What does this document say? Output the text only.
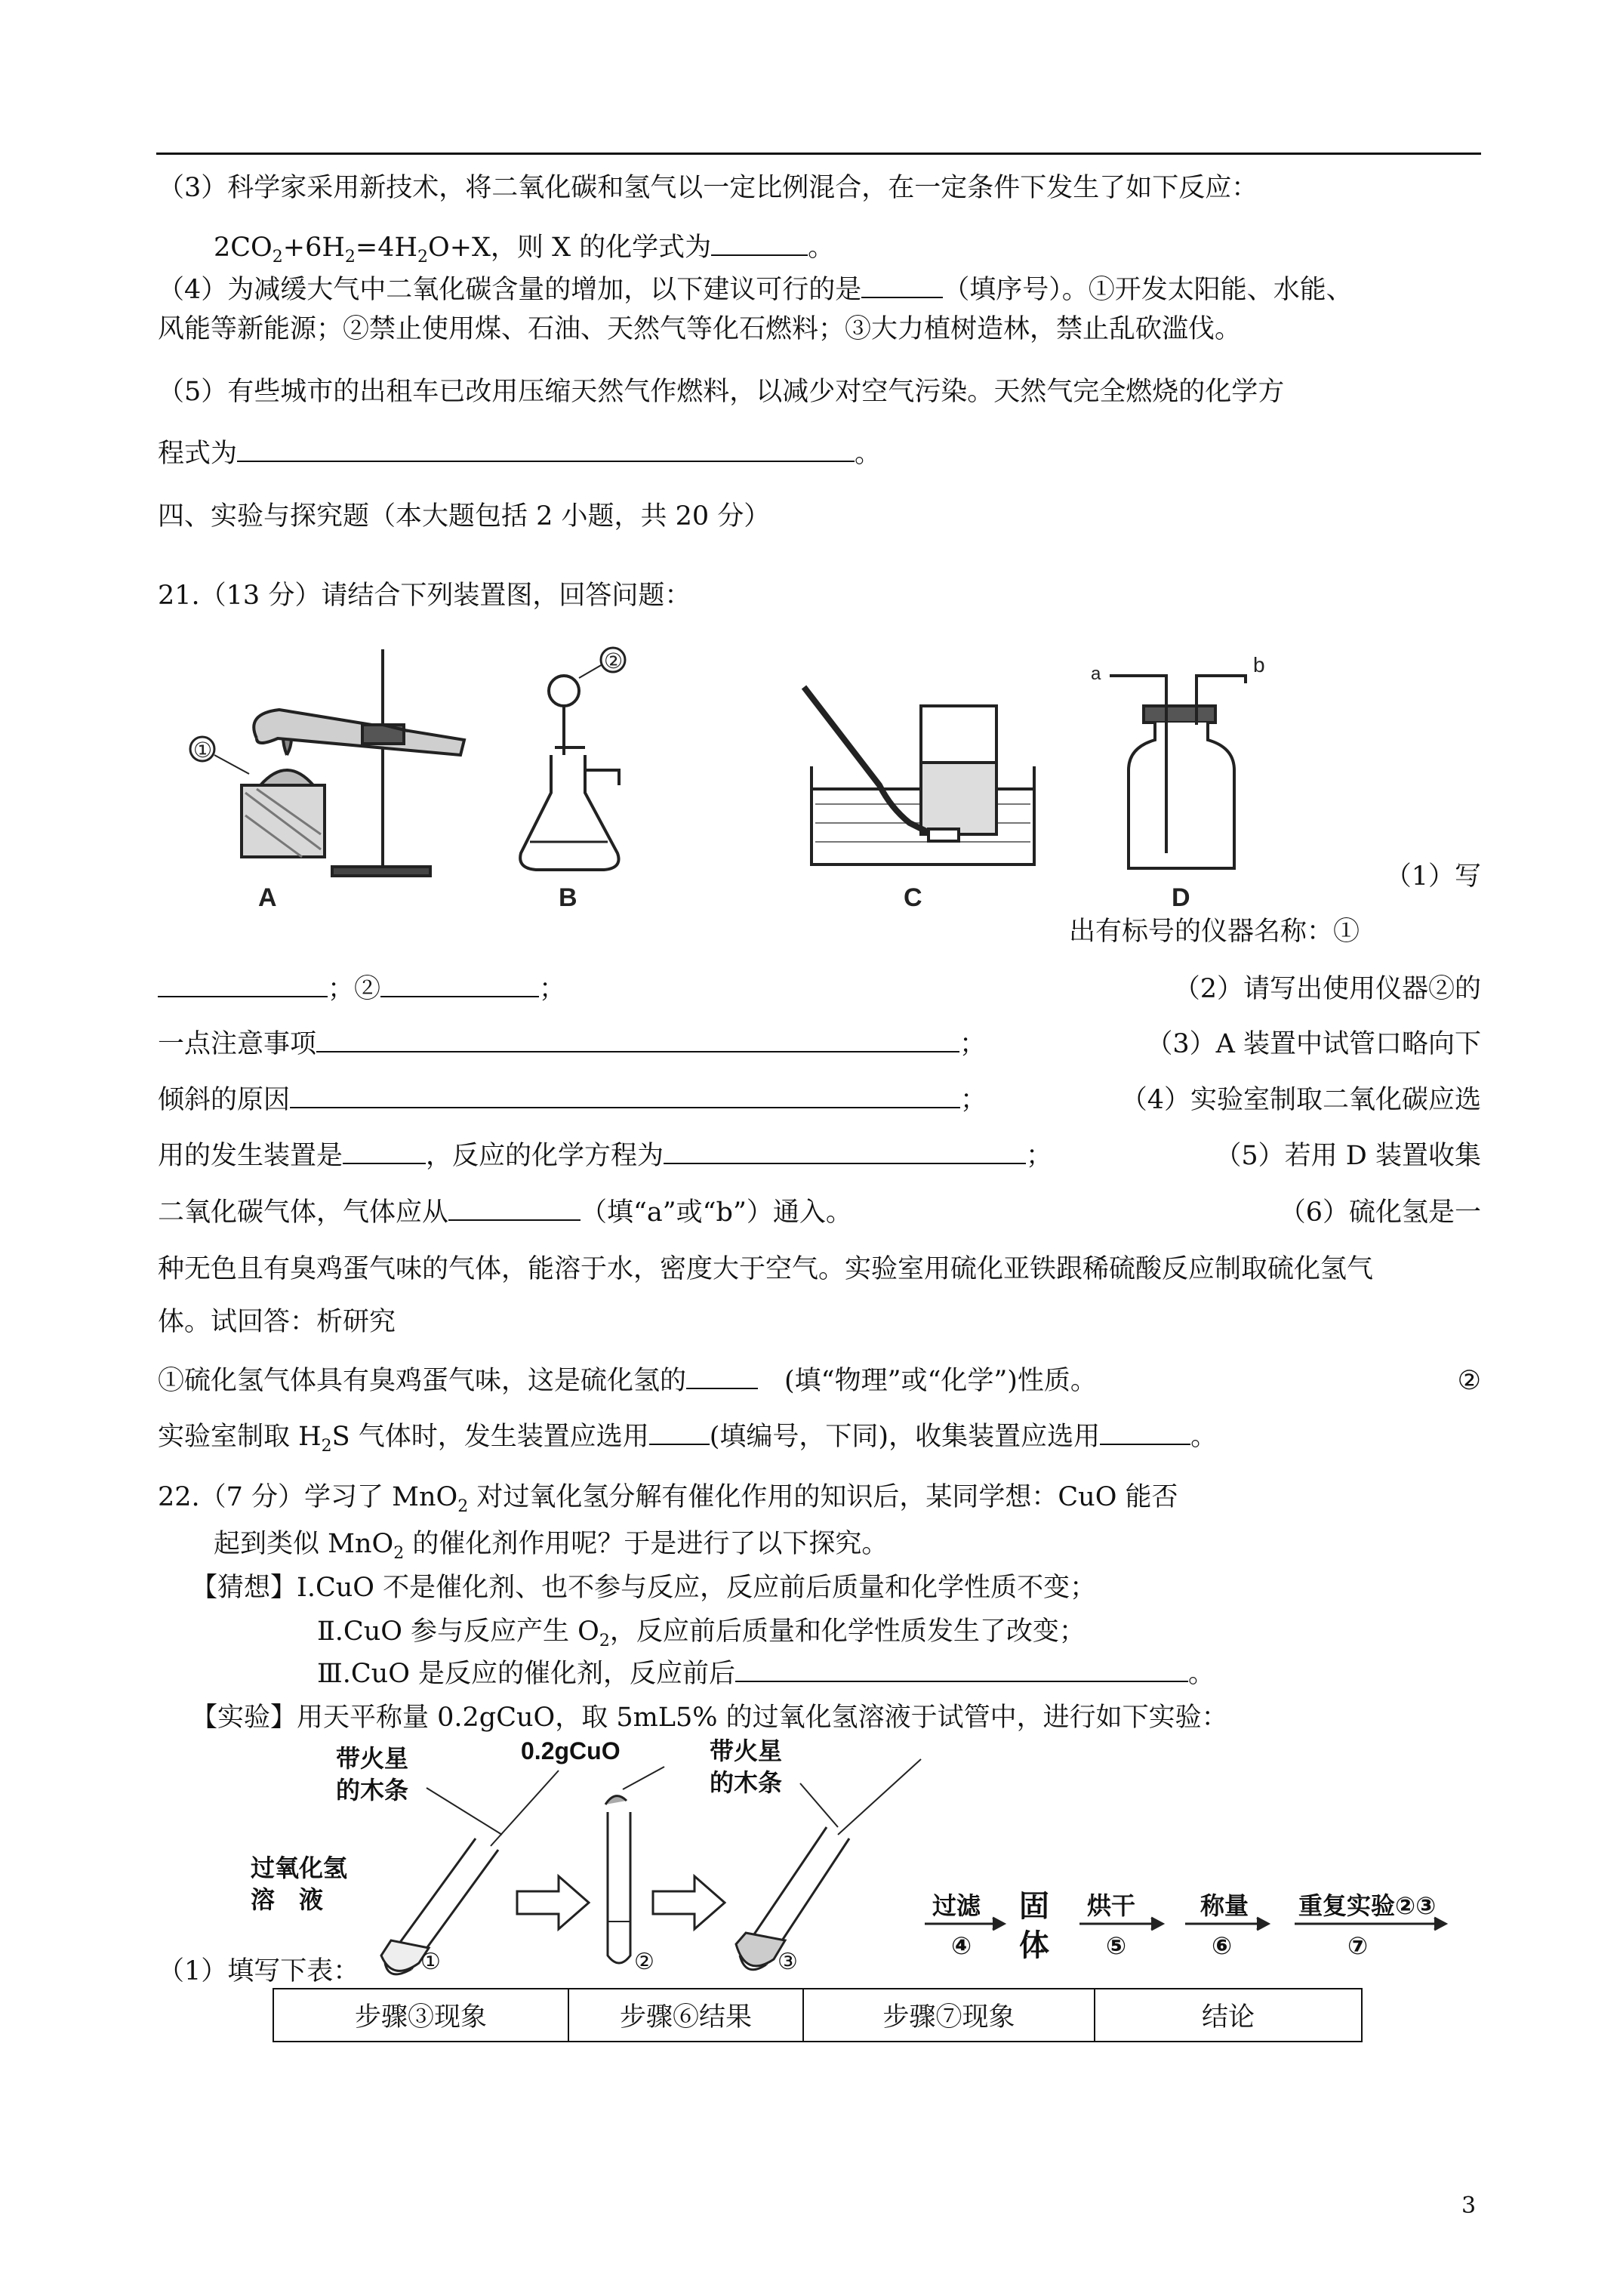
（3）科学家采用新技术，将二氧化碳和氢气以一定比例混合，在一定条件下发生了如下反应：
$2CO_2+6H_2=4H_2O+X$，则 X 的化学式为	。
（4）为减缓大气中二氧化碳含量的增加，以下建议可行的是	（填序号）。①开发太阳能、水能、
风能等新能源；②禁止使用煤、石油、天然气等化石燃料；③大力植树造林，禁止乱砍滥伐。
（5）有些城市的出租车已改用压缩天然气作燃料，以减少对空气污染。天然气完全燃烧的化学方
程式为	。
四、实验与探究题（本大题包括 2 小题，共 20 分）
21.（13 分）请结合下列装置图，回答问题：
①
A
②
B	C
a	b
D
（1）写
出有标号的仪器名称：①
；②	；	（2）请写出使用仪器②的
一点注意事项	；	（3）A 装置中试管口略向下
倾斜的原因	；	（4）实验室制取二氧化碳应选
用的发生装置是	，反应的化学方程为	；	（5）若用 D 装置收集
二氧化碳气体，气体应从	（填“a”或“b”）通入。	（6）硫化氢是一
种无色且有臭鸡蛋气味的气体，能溶于水，密度大于空气。实验室用硫化亚铁跟稀硫酸反应制取硫化氢气
体。试回答：析研究
①硫化氢气体具有臭鸡蛋气味，这是硫化氢的　	(填“物理”或“化学”)性质。	②
实验室制取 $H_2S$ 气体时，发生装置应选用 (填编号，下同)，收集装置应选用	。
22.（7 分）学习了 MnO$_2$ 对过氧化氢分解有催化作用的知识后，某同学想：CuO 能否
起到类似 MnO$_2$ 的催化剂作用呢？于是进行了以下探究。
【猜想】Ⅰ.CuO 不是催化剂、也不参与反应，反应前后质量和化学性质不变；
Ⅱ.CuO 参与反应产生 $O_2$，反应前后质量和化学性质发生了改变；
Ⅲ.CuO 是反应的催化剂，反应前后	。
【实验】用天平称量 0.2gCuO，取 5mL5% 的过氧化氢溶液于试管中，进行如下实验：
0.2gCuO
带火星
的木条
带火星
的木条
过氧化氢
溶　液
①	②	③
过滤
④
固
体
烘干
⑤
称量
⑥
重复实验②③
⑦
（1）填写下表：
步骤③现象	步骤⑥结果	步骤⑦现象	结论
3
